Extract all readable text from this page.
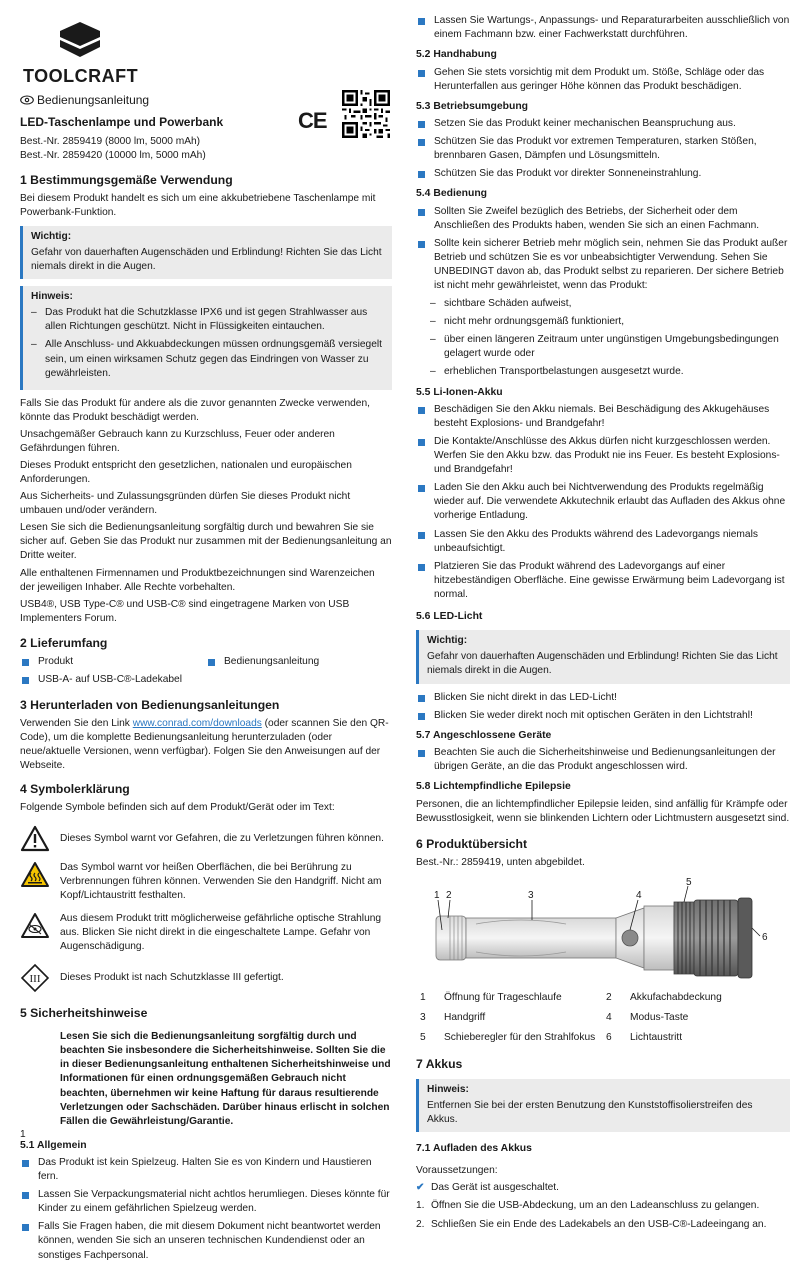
TOOLCRAFT
Bedienungsanleitung
LED-Taschenlampe und Powerbank
Best.-Nr. 2859419 (8000 lm, 5000 mAh)
Best.-Nr. 2859420 (10000 lm, 5000 mAh)
CE
1 Bestimmungsgemäße Verwendung

Bei diesem Produkt handelt es sich um eine akkubetriebene Taschenlampe mit Powerbank-Funktion.

Wichtig:
Gefahr von dauerhaften Augenschäden und Erblindung! Richten Sie das Licht niemals direkt in die Augen.
Hinweis:
– Das Produkt hat die Schutzklasse IPX6 und ist gegen Strahlwasser aus allen Richtungen geschützt. Nicht in Flüssigkeiten eintauchen.
– Alle Anschluss- und Akkuabdeckungen müssen ordnungsgemäß versiegelt sein, um einen wirksamen Schutz gegen das Eindringen von Wasser zu gewährleisten.

Falls Sie das Produkt für andere als die zuvor genannten Zwecke verwenden, könnte das Produkt beschädigt werden.

Unsachgemäßer Gebrauch kann zu Kurzschluss, Feuer oder anderen Gefährdungen führen.

Dieses Produkt entspricht den gesetzlichen, nationalen und europäischen Anforderungen.

Aus Sicherheits- und Zulassungsgründen dürfen Sie dieses Produkt nicht umbauen und/oder verändern.

Lesen Sie sich die Bedienungsanleitung sorgfältig durch und bewahren Sie sie sicher auf. Geben Sie das Produkt nur zusammen mit der Bedienungsanleitung an Dritte weiter.

Alle enthaltenen Firmennamen und Produktbezeichnungen sind Warenzeichen der jeweiligen Inhaber. Alle Rechte vorbehalten.

USB4®, USB Type-C® und USB-C® sind eingetragene Marken von USB Implementers Forum.

2 Lieferumfang
Produkt
USB-A- auf USB-C®-Ladekabel
Bedienungsanleitung
3 Herunterladen von Bedienungsanleitungen

Verwenden Sie den Link www.conrad.com/downloads (oder scannen Sie den QR-Code), um die komplette Bedienungsanleitung herunterzuladen (oder neue/aktuelle Versionen, wenn verfügbar). Folgen Sie den Anweisungen auf der Webseite.

4 Symbolerklärung

Folgende Symbole befinden sich auf dem Produkt/Gerät oder im Text:

Dieses Symbol warnt vor Gefahren, die zu Verletzungen führen können.
Das Symbol warnt vor heißen Oberflächen, die bei Berührung zu Verbrennungen führen können. Verwenden Sie den Handgriff. Nicht am Kopf/Lichtaustritt festhalten.
Aus diesem Produkt tritt möglicherweise gefährliche optische Strahlung aus. Blicken Sie nicht direkt in die eingeschaltete Lampe. Gefahr von Augenschädigung.
III Dieses Produkt ist nach Schutzklasse III gefertigt.
5 Sicherheitshinweise

Lesen Sie sich die Bedienungsanleitung sorgfältig durch und beachten Sie insbesondere die Sicherheitshinweise. Sollten Sie die in dieser Bedienungsanleitung enthaltenen Sicherheitshinweise und Informationen für einen ordnungsgemäßen Gebrauch nicht beachten, übernehmen wir keine Haftung für daraus resultierende Verletzungen oder Sachschäden. Darüber hinaus erlischt in solchen Fällen die Gewährleistung/Garantie.

5.1 Allgemein
Das Produkt ist kein Spielzeug. Halten Sie es von Kindern und Haustieren fern.
Lassen Sie Verpackungsmaterial nicht achtlos herumliegen. Dieses könnte für Kinder zu einem gefährlichen Spielzeug werden.
Falls Sie Fragen haben, die mit diesem Dokument nicht beantwortet werden können, wenden Sie sich an unseren technischen Kundendienst oder an sonstiges Fachpersonal.
1
Lassen Sie Wartungs-, Anpassungs- und Reparaturarbeiten ausschließlich von einem Fachmann bzw. einer Fachwerkstatt durchführen.
5.2 Handhabung
Gehen Sie stets vorsichtig mit dem Produkt um. Stöße, Schläge oder das Herunterfallen aus geringer Höhe können das Produkt beschädigen.
5.3 Betriebsumgebung
Setzen Sie das Produkt keiner mechanischen Beanspruchung aus.
Schützen Sie das Produkt vor extremen Temperaturen, starken Stößen, brennbaren Gasen, Dämpfen und Lösungsmitteln.
Schützen Sie das Produkt vor direkter Sonneneinstrahlung.
5.4 Bedienung
Sollten Sie Zweifel bezüglich des Betriebs, der Sicherheit oder dem Anschließen des Produkts haben, wenden Sie sich an einen Fachmann.
Sollte kein sicherer Betrieb mehr möglich sein, nehmen Sie das Produkt außer Betrieb und schützen Sie es vor unbeabsichtigter Verwendung. Sehen Sie UNBEDINGT davon ab, das Produkt selbst zu reparieren. Der sichere Betrieb ist nicht mehr gewährleistet, wenn das Produkt:
– sichtbare Schäden aufweist,
– nicht mehr ordnungsgemäß funktioniert,
– über einen längeren Zeitraum unter ungünstigen Umgebungsbedingungen gelagert wurde oder
– erheblichen Transportbelastungen ausgesetzt wurde.
5.5 Li-Ionen-Akku
Beschädigen Sie den Akku niemals. Bei Beschädigung des Akkugehäuses besteht Explosions- und Brandgefahr!
Die Kontakte/Anschlüsse des Akkus dürfen nicht kurzgeschlossen werden. Werfen Sie den Akku bzw. das Produkt nie ins Feuer. Es besteht Explosions- und Brandgefahr!
Laden Sie den Akku auch bei Nichtverwendung des Produkts regelmäßig wieder auf. Die verwendete Akkutechnik erlaubt das Aufladen des Akkus ohne vorherige Entladung.
Lassen Sie den Akku des Produkts während des Ladevorgangs niemals unbeaufsichtigt.
Platzieren Sie das Produkt während des Ladevorgangs auf einer hitzebeständigen Oberfläche. Eine gewisse Erwärmung beim Ladevorgang ist normal.
5.6 LED-Licht
Wichtig:
Gefahr von dauerhaften Augenschäden und Erblindung! Richten Sie das Licht niemals direkt in die Augen.
Blicken Sie nicht direkt in das LED-Licht!
Blicken Sie weder direkt noch mit optischen Geräten in den Lichtstrahl!
5.7 Angeschlossene Geräte
Beachten Sie auch die Sicherheitshinweise und Bedienungsanleitungen der übrigen Geräte, an die das Produkt angeschlossen wird.
5.8 Lichtempfindliche Epilepsie

Personen, die an lichtempfindlicher Epilepsie leiden, sind anfällig für Krämpfe oder Bewusstlosigkeit, wenn sie blinkenden Lichtern oder Lichtmustern ausgesetzt sind.

6 Produktübersicht

Best.-Nr.: 2859419, unten abgebildet.

1 2	3	4
5
6
1	Öffnung für Trageschlaufe	2	Akkufachabdeckung
3	Handgriff	4	Modus-Taste
5	Schieberegler für den Strahlfokus	6	Lichtaustritt
7 Akkus
Hinweis:
Entfernen Sie bei der ersten Benutzung den Kunststoffisolierstreifen des Akkus.
7.1 Aufladen des Akkus

Voraussetzungen:

✔ Das Gerät ist ausgeschaltet.
1. Öffnen Sie die USB-Abdeckung, um an den Ladeanschluss zu gelangen.
2. Schließen Sie ein Ende des Ladekabels an den USB-C®-Ladeeingang an.
